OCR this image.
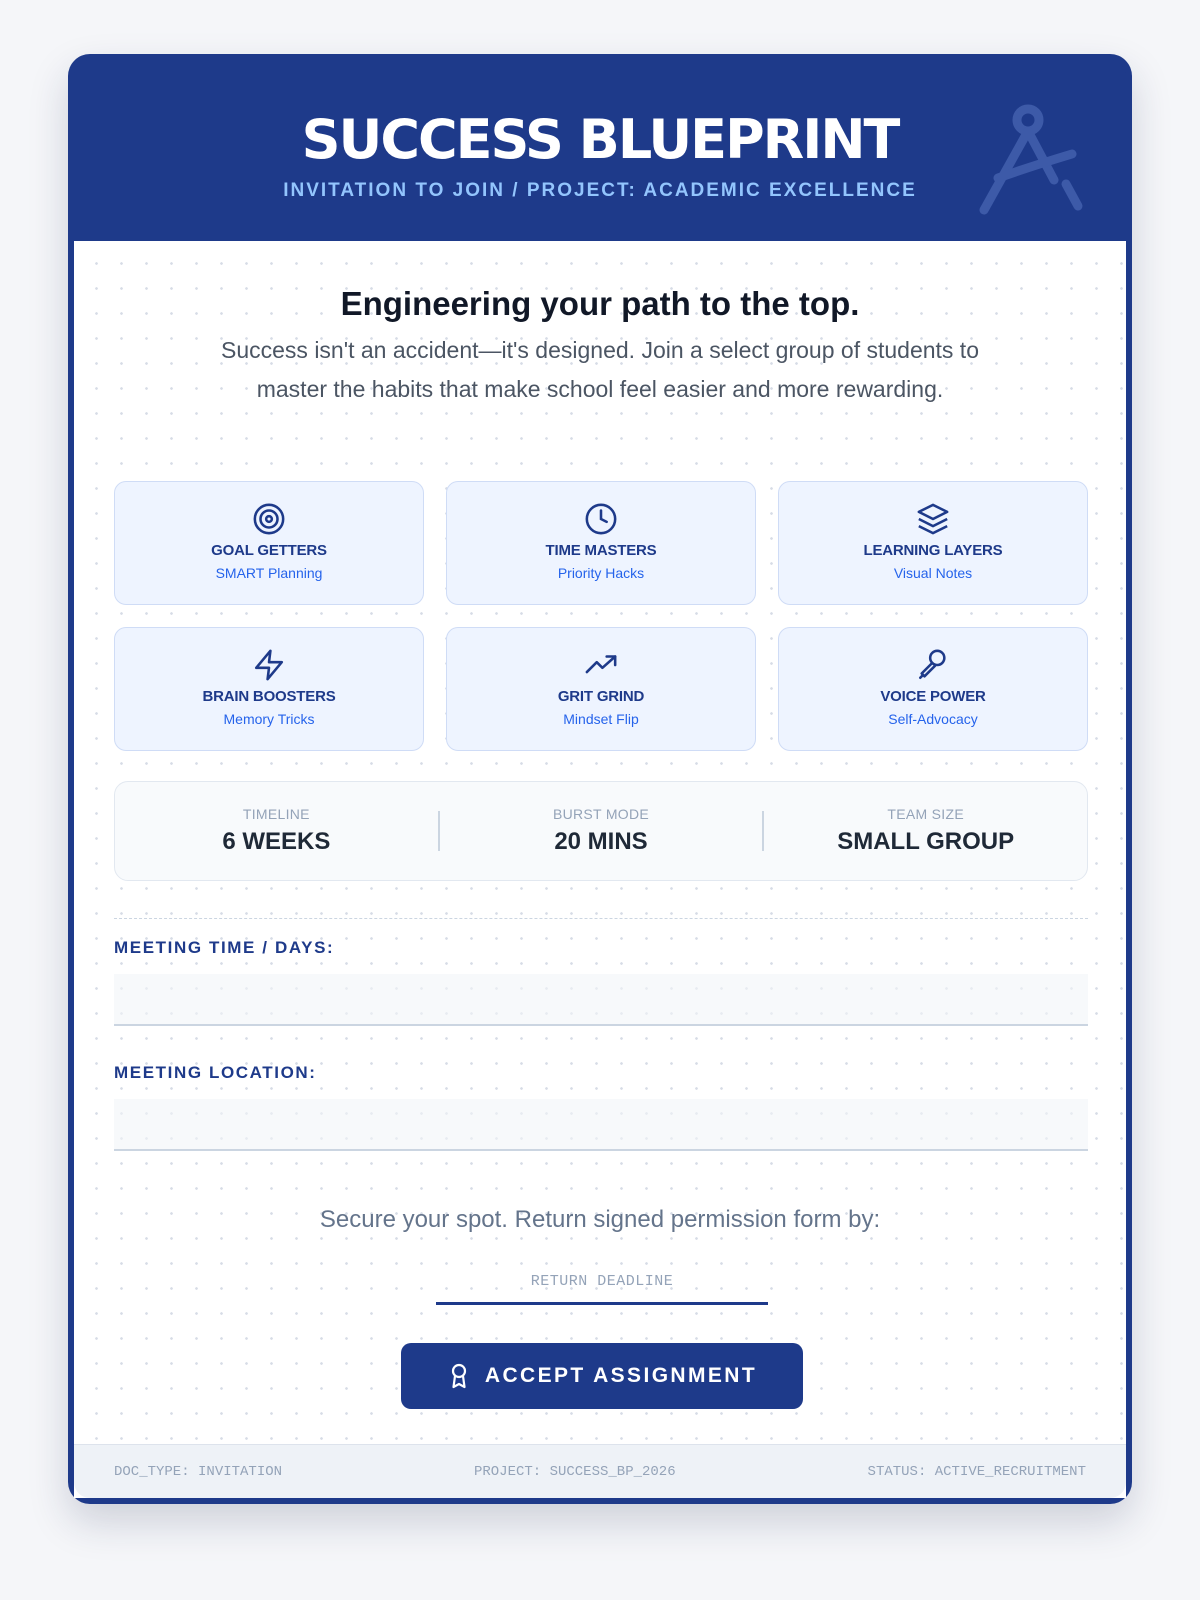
SUCCESS BLUEPRINT
INVITATION TO JOIN / PROJECT: ACADEMIC EXCELLENCE
Engineering your path to the top.
Success isn't an accident—it's designed. Join a select group of students to master the habits that make school feel easier and more rewarding.
GOAL GETTERS
SMART Planning
TIME MASTERS
Priority Hacks
LEARNING LAYERS
Visual Notes
BRAIN BOOSTERS
Memory Tricks
GRIT GRIND
Mindset Flip
VOICE POWER
Self-Advocacy
TIMELINE
6 WEEKS
BURST MODE
20 MINS
TEAM SIZE
SMALL GROUP
MEETING TIME / DAYS:
MEETING LOCATION:
Secure your spot. Return signed permission form by:
RETURN DEADLINE
ACCEPT ASSIGNMENT
DOC_TYPE: INVITATION	PROJECT: SUCCESS_BP_2026	STATUS: ACTIVE_RECRUITMENT
